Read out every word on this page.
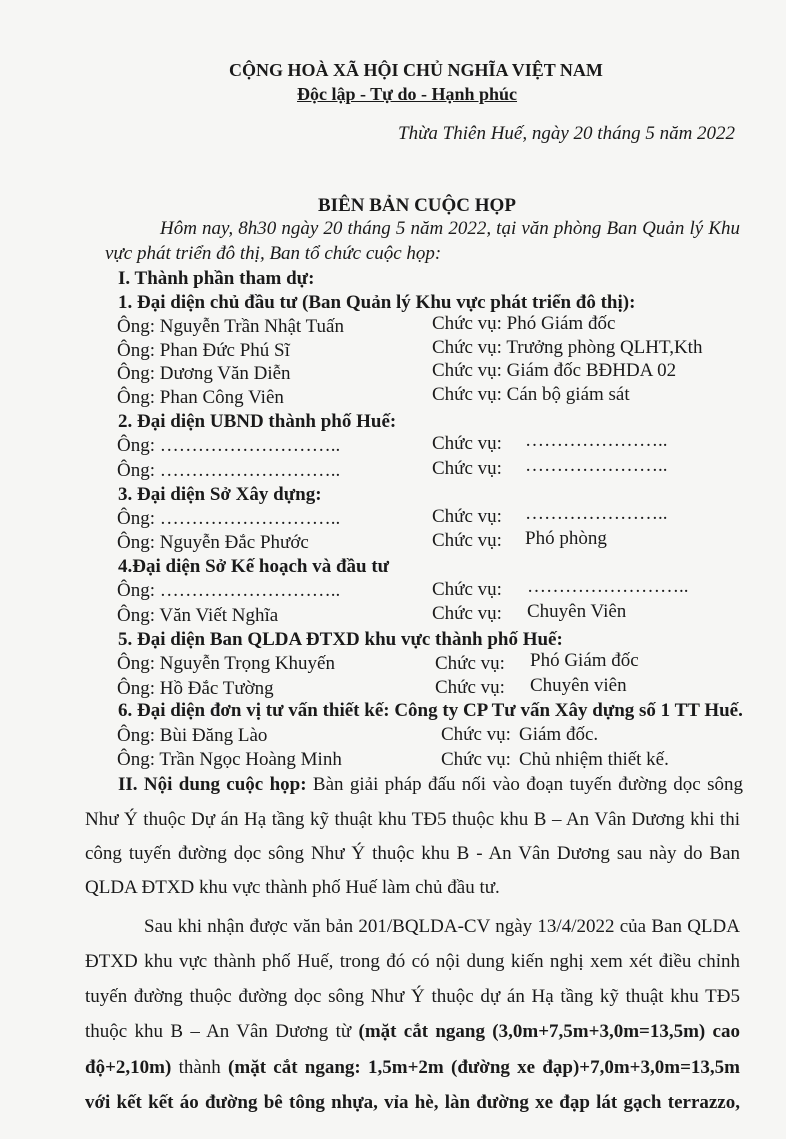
CỘNG HOÀ XÃ HỘI CHỦ NGHĨA VIỆT NAM
Độc lập - Tự do - Hạnh phúc
Thừa Thiên Huế, ngày 20 tháng 5 năm 2022
BIÊN BẢN CUỘC HỌP
Hôm nay, 8h30 ngày 20 tháng 5 năm 2022, tại văn phòng Ban Quản lý Khu
vực phát triển đô thị, Ban tổ chức cuộc họp:
I. Thành phần tham dự:
1. Đại diện chủ đầu tư (Ban Quản lý Khu vực phát triển đô thị):
Ông: Nguyễn Trần Nhật Tuấn	Chức vụ: Phó Giám đốc
Ông: Phan Đức Phú Sĩ	Chức vụ: Trưởng phòng QLHT,Kth
Ông: Dương Văn Diễn	Chức vụ: Giám đốc BĐHDA 02
Ông: Phan Công Viên	Chức vụ: Cán bộ giám sát
2. Đại diện UBND thành phố Huế:
Ông: ………………………..	Chức vụ: …………………..
Ông: ………………………..	Chức vụ: …………………..
3. Đại diện Sở Xây dựng:
Ông: ………………………..	Chức vụ: …………………..
Ông: Nguyễn Đắc Phước	Chức vụ: Phó phòng
4.Đại diện Sở Kế hoạch và đầu tư
Ông: ………………………..	Chức vụ: ……………………..
Ông: Văn Viết Nghĩa	Chức vụ: Chuyên Viên
5. Đại diện Ban QLDA ĐTXD khu vực thành phố Huế:
Ông: Nguyễn Trọng Khuyến	Chức vụ: Phó Giám đốc
Ông: Hồ Đắc Tường	Chức vụ: Chuyên viên
6. Đại diện đơn vị tư vấn thiết kế: Công ty CP Tư vấn Xây dựng số 1 TT Huế.
Ông: Bùi Đăng Lào	Chức vụ: Giám đốc.
Ông: Trần Ngọc Hoàng Minh	Chức vụ: Chủ nhiệm thiết kế.
II. Nội dung cuộc họp: Bàn giải pháp đấu nối vào đoạn tuyến đường dọc sông
Như Ý thuộc Dự án Hạ tầng kỹ thuật khu TĐ5 thuộc khu B – An Vân Dương khi thi
công tuyến đường dọc sông Như Ý thuộc khu B - An Vân Dương sau này do Ban
QLDA ĐTXD khu vực thành phố Huế làm chủ đầu tư.
Sau khi nhận được văn bản 201/BQLDA-CV ngày 13/4/2022 của Ban QLDA
ĐTXD khu vực thành phố Huế, trong đó có nội dung kiến nghị xem xét điều chỉnh
tuyến đường thuộc đường dọc sông Như Ý thuộc dự án Hạ tầng kỹ thuật khu TĐ5
thuộc khu B – An Vân Dương từ (mặt cắt ngang (3,0m+7,5m+3,0m=13,5m) cao
độ+2,10m) thành (mặt cắt ngang: 1,5m+2m (đường xe đạp)+7,0m+3,0m=13,5m
với kết kết áo đường bê tông nhựa, vỉa hè, làn đường xe đạp lát gạch terrazzo,
